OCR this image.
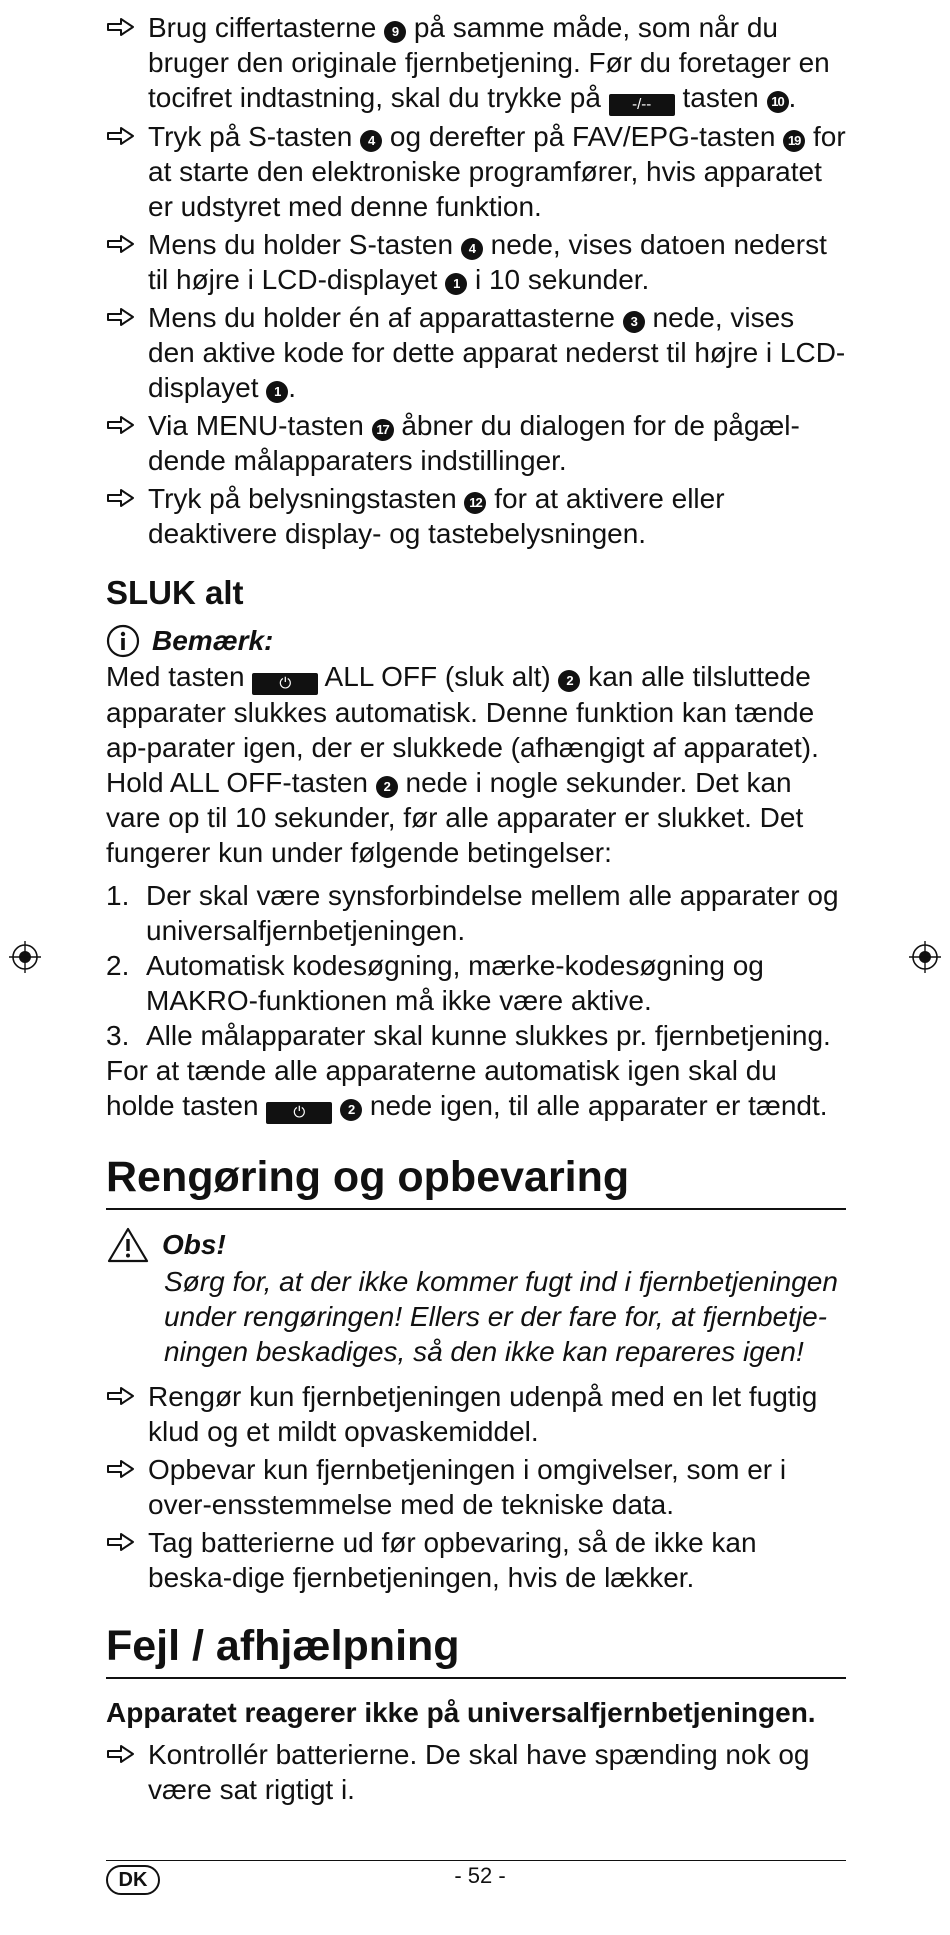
Brug ciffertasterne 9 på samme måde, som når du bruger den originale fjernbetjening. Før du foretager en tocifret indtastning, skal du trykke på -/-- tasten 10 .
Tryk på S-tasten 4 og derefter på FAV/EPG-tasten 19 for at starte den elektroniske programfører, hvis apparatet er udstyret med denne funktion.
Mens du holder S-tasten 4 nede, vises datoen nederst til højre i LCD-displayet 1 i 10 sekunder.
Mens du holder én af apparattasterne 3 nede, vises den aktive kode for dette apparat nederst til højre i LCD-displayet 1 .
Via MENU-tasten 17 åbner du dialogen for de pågæl-dende målapparaters indstillinger.
Tryk på belysningstasten 12 for at aktivere eller deaktivere display- og tastebelysningen.
SLUK alt
Bemærk:
Med tasten ⏻ ALL OFF (sluk alt) 2 kan alle tilsluttede apparater slukkes automatisk. Denne funktion kan tænde ap-parater igen, der er slukkede (afhængigt af apparatet). Hold ALL OFF-tasten 2 nede i nogle sekunder. Det kan vare op til 10 sekunder, før alle apparater er slukket. Det fungerer kun under følgende betingelser:
1. Der skal være synsforbindelse mellem alle apparater og universalfjernbetjeningen.
2. Automatisk kodesøgning, mærke-kodesøgning og MAKRO-funktionen må ikke være aktive.
3. Alle målapparater skal kunne slukkes pr. fjernbetjening.
For at tænde alle apparaterne automatisk igen skal du holde tasten ⏻	2 nede igen, til alle apparater er tændt.
Rengøring og opbevaring
Obs!
Sørg for, at der ikke kommer fugt ind i fjernbetjeningen under rengøringen! Ellers er der fare for, at fjernbetje-ningen beskadiges, så den ikke kan repareres igen!
Rengør kun fjernbetjeningen udenpå med en let fugtig klud og et mildt opvaskemiddel.
Opbevar kun fjernbetjeningen i omgivelser, som er i over-ensstemmelse med de tekniske data.
Tag batterierne ud før opbevaring, så de ikke kan beska-dige fjernbetjeningen, hvis de lækker.
Fejl / afhjælpning
Apparatet reagerer ikke på universalfjernbetjeningen.
Kontrollér batterierne. De skal have spænding nok og være sat rigtigt i.
DK	- 52 -
